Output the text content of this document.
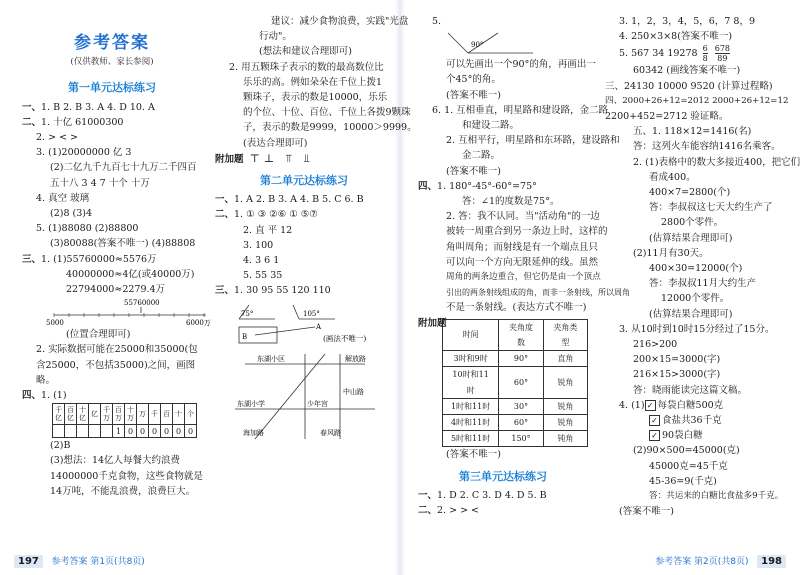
参考答案
(仅供教师、家长参阅)
第一单元达标练习
一、1. B 2. B 3. A 4. D 10. A
二、1. 十亿 61000300
2. > < >
3. (1)20000000 亿 3
(2)二亿九千九百七十九万二千四百
五十八 3 4 7 十个 十万
4. 真空 玻璃
(2)8 (3)4
5. (1)88080 (2)88800
(3)80088(答案不唯一) (4)88808
三、1. (1)55760000≈5576万
40000000≈4亿(或40000万)
22794000≈2279.4万
55760000
5000	6000万
(位置合理即可)
2. 实际数据可能在25000和35000(包含25000，不包括35000)之间，画图略。
四、1. (1)
千亿	百亿	十亿	亿	千万	百万	十万	万	千	百	十	个
					1	0	0	0	0	0	0
(2)B
(3)想法：14亿人每餐大约浪费
14000000千克食物，这些食物就是
14万吨，不能乱浪费，浪费巨大。
建议：减少食物浪费，实践"光盘
行动"。
(想法和建议合理即可)
2. 用五颗珠子表示的数的最高数位比
乐乐的高。例如朵朵在千位上拨1
颗珠子，表示的数是10000，乐乐
的个位、十位、百位、千位上各拨9颗珠
子，表示的数是9999，10000＞9999。
(表达合理即可)
附加题 ⊤⊥ ⫪ ⫫
第二单元达标练习
一、1. A 2. B 3. A 4. B 5. C 6. B
二、1. ① ③ ②⑥ ① ⑤⑦
2. 直 平 12
3. 100
4. 3 6 1
5. 55 35
三、1. 30 95 55 120 110
75°	105°
B
A
(画法不唯一)
东湖小区	解放路
东湖小学	少年宫
中山路
海加路	春风路
5.
90°
可以先画出一个90°的角，再画出一
个45°的角。
(答案不唯一)
6. 1. 互相垂直，明星路和建设路，金二路
和建设二路。
2. 互相平行，明星路和东环路，建设路和
金二路。
(答案不唯一)
四、1. 180°-45°-60°=75°
答：∠1的度数是75°。
2. 答：我不认同。当"活动角"的一边
被转一周重合到另一条边上时，这样的
角叫周角；而射线是有一个端点且只
可以向一个方向无限延伸的线。虽然
周角的两条边重合，但它仍是由一个顶点
引出的两条射线组成的角，而非一条射线，所以周角
不是一条射线。(表达方式不唯一)
附加题
时间	夹角度数	夹角类型
3时和9时	90°	直角
10时和11时	60°	锐角
1时和11时	30°	锐角
4时和11时	60°	锐角
5时和11时	150°	钝角
(答案不唯一)
第三单元达标练习
一、1. D 2. C 3. D 4. D 5. B
二、2. > > <
3. 1，2，3，4，5，6，7 8，9
4. 250×3×8(答案不唯一)
5. 567 34 $19278 \frac{6}{8}$
$\frac{678}{89}$
60342 (画线答案不唯一)
三、24130 10000 9520 (计算过程略)
四、2000+26+12=2012 2000+26+12=12
2200+452=2712 验证略。
五、1. 118×12=1416(名)
答：这列火车能容纳1416名乘客。
2. (1)表格中的数大多接近400，把它们
看成400。
400×7=2800(个)
答：李叔叔这七天大约生产了
2800个零件。
(估算结果合理即可)
(2)11月有30天。
400×30=12000(个)
答：李叔叔11月大约生产
12000个零件。
(估算结果合理即可)
3. 从10时到10时15分经过了15分。
216>200
200×15=3000(字)
216×15>3000(字)
答：晓雨能读完这篇文稿。
4. (1) ✓ 每袋白糖500克
✓ 食盐共36千克
✓ 90袋白糖
(2)90×500=45000(克)
45000克=45千克
45-36=9(千克)
答：共运来的白糖比食盐多9千克。
(答案不唯一)
197 参考答案 第1页(共8页)	参考答案 第2页(共8页) 198
